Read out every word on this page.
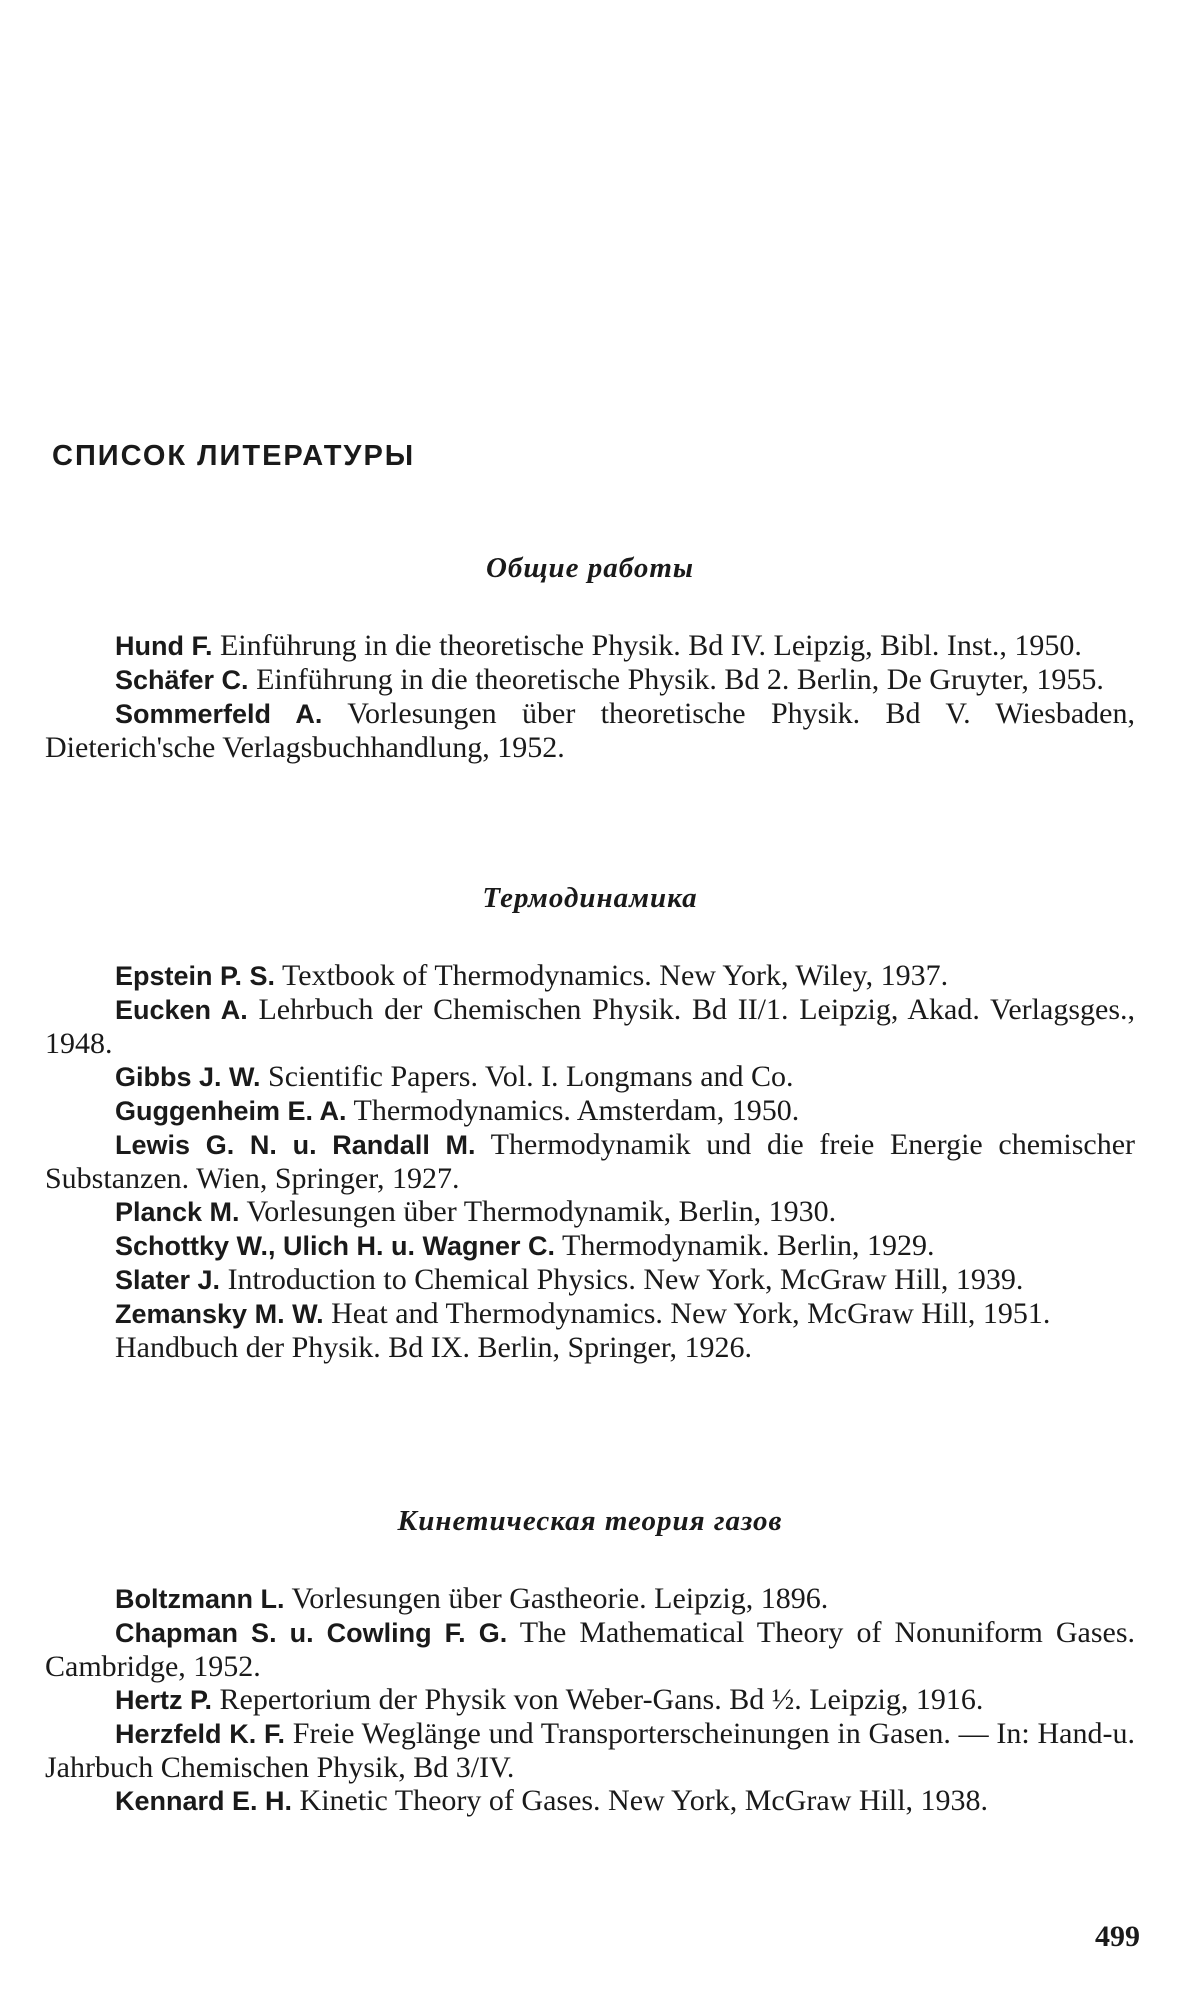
СПИСОК ЛИТЕРАТУРЫ
Общие работы

Hund F. Einführung in die theoretische Physik. Bd IV. Leipzig, Bibl. Inst., 1950.

Schäfer C. Einführung in die theoretische Physik. Bd 2. Berlin, De Gruyter, 1955.

Sommerfeld A. Vorlesungen über theoretische Physik. Bd V. Wiesbaden, Dieterich'sche Verlagsbuchhandlung, 1952.

Термодинамика

Epstein P. S. Textbook of Thermodynamics. New York, Wiley, 1937.

Eucken A. Lehrbuch der Chemischen Physik. Bd II/1. Leipzig, Akad. Verlagsges., 1948.

Gibbs J. W. Scientific Papers. Vol. I. Longmans and Co.

Guggenheim E. A. Thermodynamics. Amsterdam, 1950.

Lewis G. N. u. Randall M. Thermodynamik und die freie Energie chemischer Substanzen. Wien, Springer, 1927.

Planck M. Vorlesungen über Thermodynamik, Berlin, 1930.

Schottky W., Ulich H. u. Wagner C. Thermodynamik. Berlin, 1929.

Slater J. Introduction to Chemical Physics. New York, McGraw Hill, 1939.

Zemansky M. W. Heat and Thermodynamics. New York, McGraw Hill, 1951.

Handbuch der Physik. Bd IX. Berlin, Springer, 1926.

Кинетическая теория газов

Boltzmann L. Vorlesungen über Gastheorie. Leipzig, 1896.

Chapman S. u. Cowling F. G. The Mathematical Theory of Nonuniform Gases. Cambridge, 1952.

Hertz P. Repertorium der Physik von Weber-Gans. Bd ½. Leipzig, 1916.

Herzfeld K. F. Freie Weglänge und Transporterscheinungen in Gasen. — In: Hand-u. Jahrbuch Chemischen Physik, Bd 3/IV.

Kennard E. H. Kinetic Theory of Gases. New York, McGraw Hill, 1938.

499
